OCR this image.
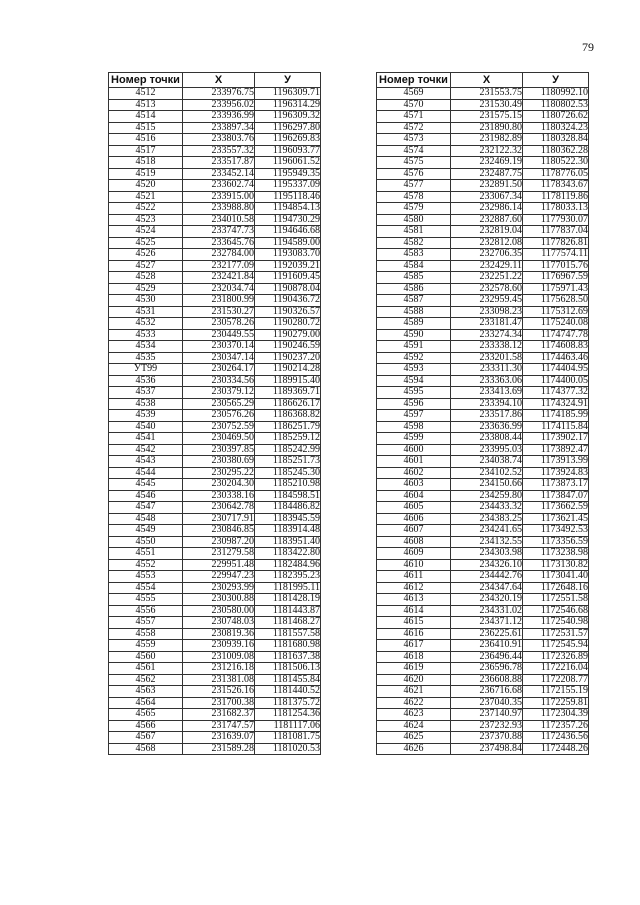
79
Номер точки	Х	У
4512	233976.75	1196309.71
4513	233956.02	1196314.29
4514	233936.99	1196309.32
4515	233897.34	1196297.80
4516	233803.76	1196269.83
4517	233557.32	1196093.77
4518	233517.87	1196061.52
4519	233452.14	1195949.35
4520	233602.74	1195337.09
4521	233915.00	1195118.46
4522	233988.80	1194854.13
4523	234010.58	1194730.29
4524	233747.73	1194646.68
4525	233645.76	1194589.00
4526	232784.00	1193083.70
4527	232177.09	1192039.21
4528	232421.84	1191609.45
4529	232034.74	1190878.04
4530	231800.99	1190436.72
4531	231530.27	1190326.57
4532	230578.26	1190280.72
4533	230449.55	1190279.00
4534	230370.14	1190246.59
4535	230347.14	1190237.20
УТ99	230264.17	1190214.28
4536	230334.56	1189915.40
4537	230379.12	1189369.71
4538	230565.29	1186626.17
4539	230576.26	1186368.82
4540	230752.59	1186251.79
4541	230469.50	1185259.12
4542	230397.85	1185242.99
4543	230380.69	1185251.73
4544	230295.22	1185245.30
4545	230204.30	1185210.98
4546	230338.16	1184598.51
4547	230642.78	1184486.82
4548	230717.91	1183945.59
4549	230846.85	1183914.48
4550	230987.20	1183951.40
4551	231279.58	1183422.80
4552	229951.48	1182484.96
4553	229947.23	1182395.23
4554	230293.99	1181995.11
4555	230300.88	1181428.19
4556	230580.00	1181443.87
4557	230748.03	1181468.27
4558	230819.36	1181557.58
4559	230939.16	1181680.98
4560	231009.08	1181637.38
4561	231216.18	1181506.13
4562	231381.08	1181455.84
4563	231526.16	1181440.52
4564	231700.38	1181375.72
4565	231682.37	1181254.36
4566	231747.57	1181117.06
4567	231639.07	1181081.75
4568	231589.28	1181020.53
Номер точки	Х	У
4569	231553.75	1180992.10
4570	231530.49	1180802.53
4571	231575.15	1180726.62
4572	231890.80	1180324.23
4573	231982.89	1180328.84
4574	232122.32	1180362.28
4575	232469.19	1180522.30
4576	232487.75	1178776.05
4577	232891.50	1178343.67
4578	233067.34	1178119.86
4579	232986.14	1178033.13
4580	232887.60	1177930.07
4581	232819.04	1177837.04
4582	232812.08	1177826.81
4583	232706.35	1177574.11
4584	232429.11	1177015.76
4585	232251.22	1176967.59
4586	232578.60	1175971.43
4587	232959.45	1175628.50
4588	233098.23	1175312.69
4589	233181.47	1175240.08
4590	233274.34	1174747.78
4591	233338.12	1174608.83
4592	233201.58	1174463.46
4593	233311.30	1174404.95
4594	233363.06	1174400.05
4595	233413.69	1174377.32
4596	233394.10	1174324.91
4597	233517.86	1174185.99
4598	233636.99	1174115.84
4599	233808.44	1173902.17
4600	233995.03	1173892.47
4601	234038.74	1173913.99
4602	234102.52	1173924.83
4603	234150.66	1173873.17
4604	234259.80	1173847.07
4605	234433.32	1173662.59
4606	234383.25	1173621.45
4607	234241.65	1173492.53
4608	234132.55	1173356.59
4609	234303.98	1173238.98
4610	234326.10	1173130.82
4611	234442.76	1173041.40
4612	234347.64	1172648.16
4613	234320.19	1172551.58
4614	234331.02	1172546.68
4615	234371.12	1172540.98
4616	236225.61	1172531.57
4617	236410.91	1172545.94
4618	236496.44	1172326.89
4619	236596.78	1172216.04
4620	236608.88	1172208.77
4621	236716.68	1172155.19
4622	237040.35	1172259.81
4623	237140.97	1172304.39
4624	237232.93	1172357.26
4625	237370.88	1172436.56
4626	237498.84	1172448.26
